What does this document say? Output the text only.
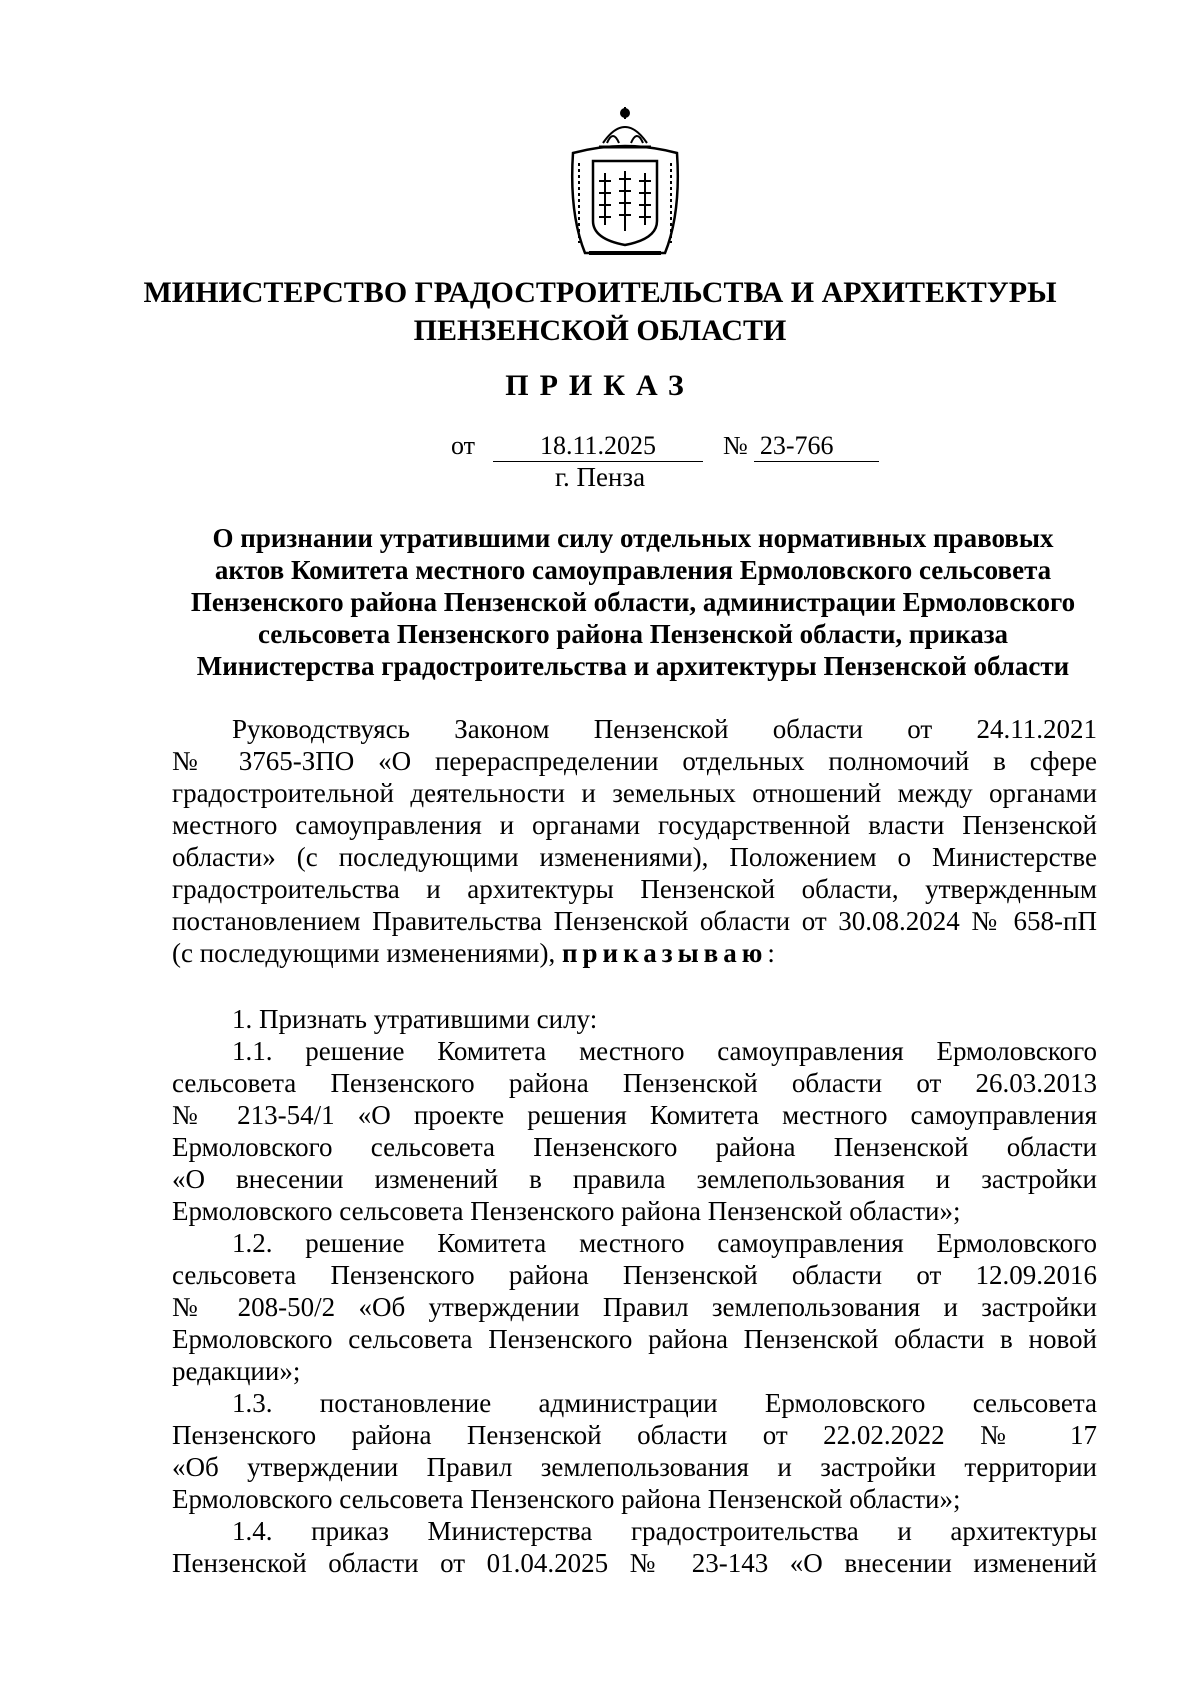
МИНИСТЕРСТВО ГРАДОСТРОИТЕЛЬСТВА И АРХИТЕКТУРЫ
ПЕНЗЕНСКОЙ ОБЛАСТИ
ПРИКАЗ
от 18.11.2025	№ 23-766
г. Пенза
О признании утратившими силу отдельных нормативных правовых
актов Комитета местного самоуправления Ермоловского сельсовета
Пензенского района Пензенской области, администрации Ермоловского
сельсовета Пензенского района Пензенской области, приказа
Министерства градостроительства и архитектуры Пензенской области
Руководствуясь Законом Пензенской области от 24.11.2021
№ 3765-ЗПО «О перераспределении отдельных полномочий в сфере
градостроительной деятельности и земельных отношений между органами
местного самоуправления и органами государственной власти Пензенской
области» (с последующими изменениями), Положением о Министерстве
градостроительства и архитектуры Пензенской области, утвержденным
постановлением Правительства Пензенской области от 30.08.2024 № 658-пП
(с последующими изменениями), приказываю:
1. Признать утратившими силу:
1.1. решение Комитета местного самоуправления Ермоловского
сельсовета Пензенского района Пензенской области от 26.03.2013
№ 213-54/1 «О проекте решения Комитета местного самоуправления
Ермоловского сельсовета Пензенского района Пензенской области
«О внесении изменений в правила землепользования и застройки
Ермоловского сельсовета Пензенского района Пензенской области»;
1.2. решение Комитета местного самоуправления Ермоловского
сельсовета Пензенского района Пензенской области от 12.09.2016
№ 208-50/2 «Об утверждении Правил землепользования и застройки
Ермоловского сельсовета Пензенского района Пензенской области в новой
редакции»;
1.3. постановление администрации Ермоловского сельсовета
Пензенского района Пензенской области от 22.02.2022 № 17
«Об утверждении Правил землепользования и застройки территории
Ермоловского сельсовета Пензенского района Пензенской области»;
1.4. приказ Министерства градостроительства и архитектуры
Пензенской области от 01.04.2025 № 23-143 «О внесении изменений
